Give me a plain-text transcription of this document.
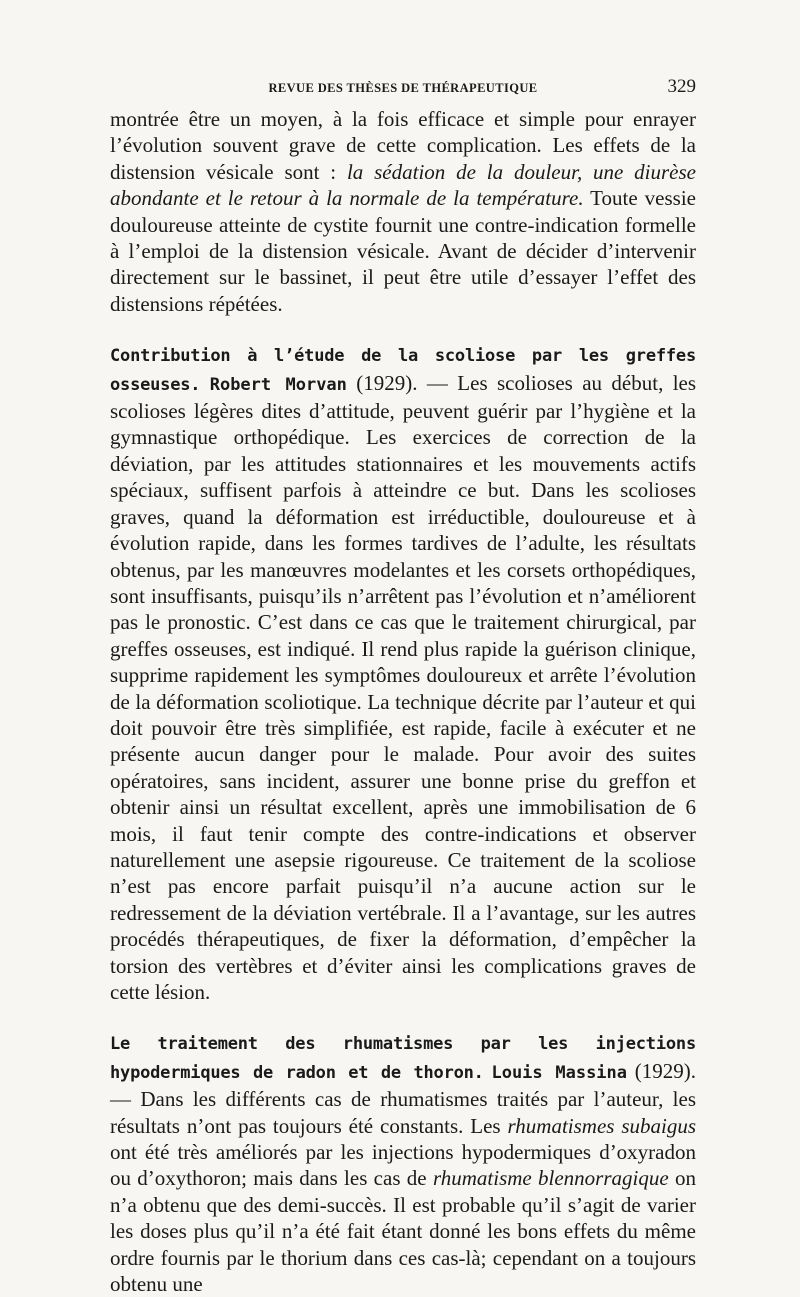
REVUE DES THÈSES DE THÉRAPEUTIQUE	329

montrée être un moyen, à la fois efficace et simple pour enrayer l’évolution souvent grave de cette complication. Les effets de la distension vésicale sont : la sédation de la douleur, une diurèse abondante et le retour à la normale de la température. Toute vessie douloureuse atteinte de cystite fournit une contre-indication formelle à l’emploi de la distension vésicale. Avant de décider d’intervenir directement sur le bassinet, il peut être utile d’essayer l’effet des distensions répétées.

Contribution à l’étude de la scoliose par les greffes osseuses. Robert Morvan (1929). — Les scolioses au début, les scolioses légères dites d’attitude, peuvent guérir par l’hygiène et la gymnastique orthopédique. Les exercices de correction de la déviation, par les attitudes stationnaires et les mouvements actifs spéciaux, suffisent parfois à atteindre ce but. Dans les scolioses graves, quand la déformation est irréductible, douloureuse et à évolution rapide, dans les formes tardives de l’adulte, les résultats obtenus, par les manœuvres modelantes et les corsets orthopédiques, sont insuffisants, puisqu’ils n’arrêtent pas l’évolution et n’améliorent pas le pronostic. C’est dans ce cas que le traitement chirurgical, par greffes osseuses, est indiqué. Il rend plus rapide la guérison clinique, supprime rapidement les symptômes douloureux et arrête l’évolution de la déformation scoliotique. La technique décrite par l’auteur et qui doit pouvoir être très simplifiée, est rapide, facile à exécuter et ne présente aucun danger pour le malade. Pour avoir des suites opératoires, sans incident, assurer une bonne prise du greffon et obtenir ainsi un résultat excellent, après une immobilisation de 6 mois, il faut tenir compte des contre-indications et observer naturellement une asepsie rigoureuse. Ce traitement de la scoliose n’est pas encore parfait puisqu’il n’a aucune action sur le redressement de la déviation vertébrale. Il a l’avantage, sur les autres procédés thérapeutiques, de fixer la déformation, d’empêcher la torsion des vertèbres et d’éviter ainsi les complications graves de cette lésion.

Le traitement des rhumatismes par les injections hypodermiques de radon et de thoron. Louis Massina (1929). — Dans les différents cas de rhumatismes traités par l’auteur, les résultats n’ont pas toujours été constants. Les rhumatismes subaigus ont été très améliorés par les injections hypodermiques d’oxyradon ou d’oxythoron; mais dans les cas de rhumatisme blennorragique on n’a obtenu que des demi-succès. Il est probable qu’il s’agit de varier les doses plus qu’il n’a été fait étant donné les bons effets du même ordre fournis par le thorium dans ces cas-là; cependant on a toujours obtenu une
